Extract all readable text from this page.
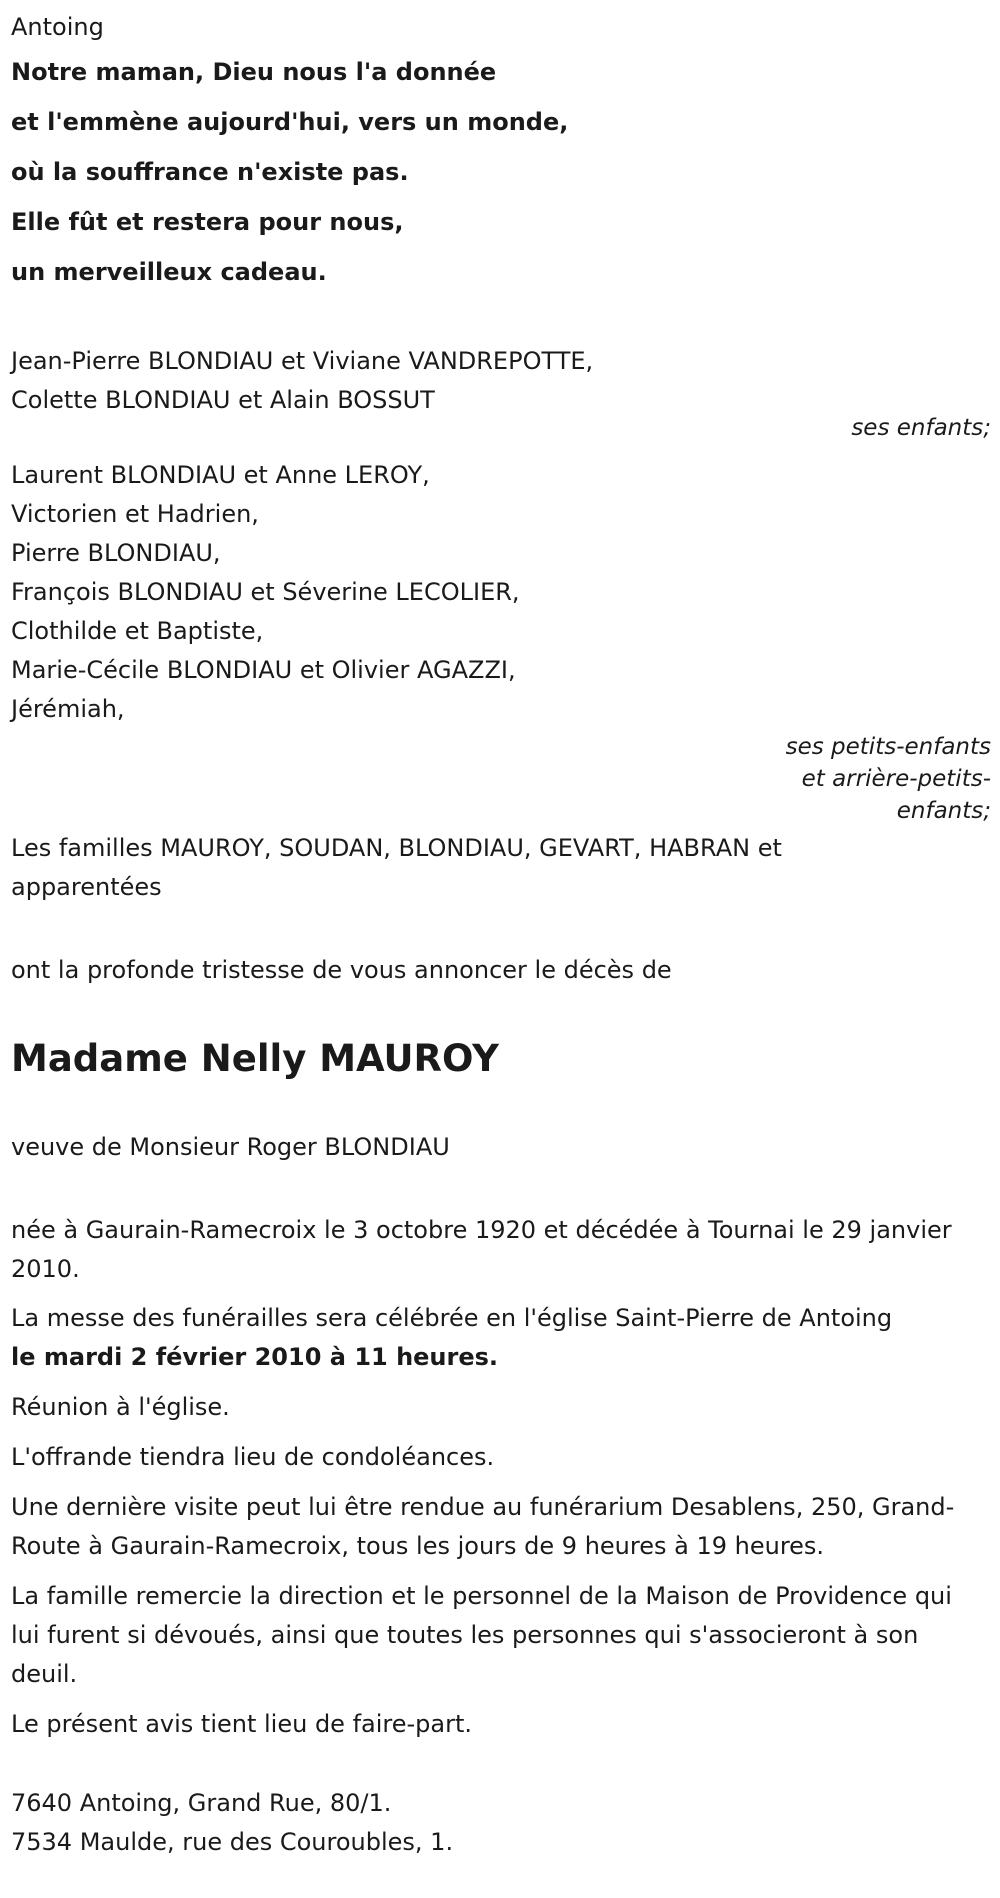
Antoing
Notre maman, Dieu nous l'a donnée
et l'emmène aujourd'hui, vers un monde,
où la souffrance n'existe pas.
Elle fût et restera pour nous,
un merveilleux cadeau.
Jean-Pierre BLONDIAU et Viviane VANDREPOTTE,
Colette BLONDIAU et Alain BOSSUT
ses enfants;
Laurent BLONDIAU et Anne LEROY,
Victorien et Hadrien,
Pierre BLONDIAU,
François BLONDIAU et Séverine LECOLIER,
Clothilde et Baptiste,
Marie-Cécile BLONDIAU et Olivier AGAZZI,
Jérémiah,
ses petits-enfants
et arrière-petits-
enfants;
Les familles MAUROY, SOUDAN, BLONDIAU, GEVART, HABRAN et apparentées
ont la profonde tristesse de vous annoncer le décès de
Madame Nelly MAUROY
veuve de Monsieur Roger BLONDIAU
née à Gaurain-Ramecroix le 3 octobre 1920 et décédée à Tournai le 29 janvier 2010.
La messe des funérailles sera célébrée en l'église Saint-Pierre de Antoing
le mardi 2 février 2010 à 11 heures.
Réunion à l'église.
L'offrande tiendra lieu de condoléances.
Une dernière visite peut lui être rendue au funérarium Desablens, 250, Grand-Route à Gaurain-Ramecroix, tous les jours de 9 heures à 19 heures.
La famille remercie la direction et le personnel de la Maison de Providence qui lui furent si dévoués, ainsi que toutes les personnes qui s'associeront à son deuil.
Le présent avis tient lieu de faire-part.
7640 Antoing, Grand Rue, 80/1.
7534 Maulde, rue des Couroubles, 1.
